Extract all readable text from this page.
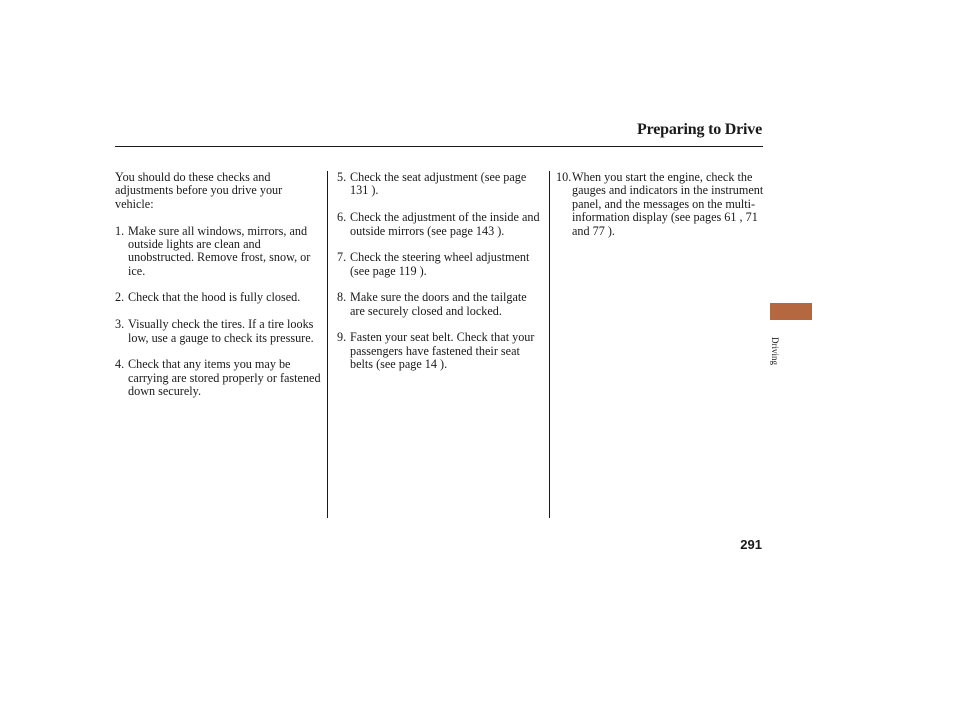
Preparing to Drive

You should do these checks and adjustments before you drive your vehicle:

1. Make sure all windows, mirrors, and outside lights are clean and unobstructed. Remove frost, snow, or ice.
2. Check that the hood is fully closed.
3. Visually check the tires. If a tire looks low, use a gauge to check its pressure.
4. Check that any items you may be carrying are stored properly or fastened down securely.
5. Check the seat adjustment (see page 131 ).
6. Check the adjustment of the inside and outside mirrors (see page 143 ).
7. Check the steering wheel adjustment (see page 119 ).
8. Make sure the doors and the tailgate are securely closed and locked.
9. Fasten your seat belt. Check that your passengers have fastened their seat belts (see page 14 ).
10. When you start the engine, check the gauges and indicators in the instrument panel, and the messages on the multi-information display (see pages 61 , 71 and 77 ).
Driving
291
